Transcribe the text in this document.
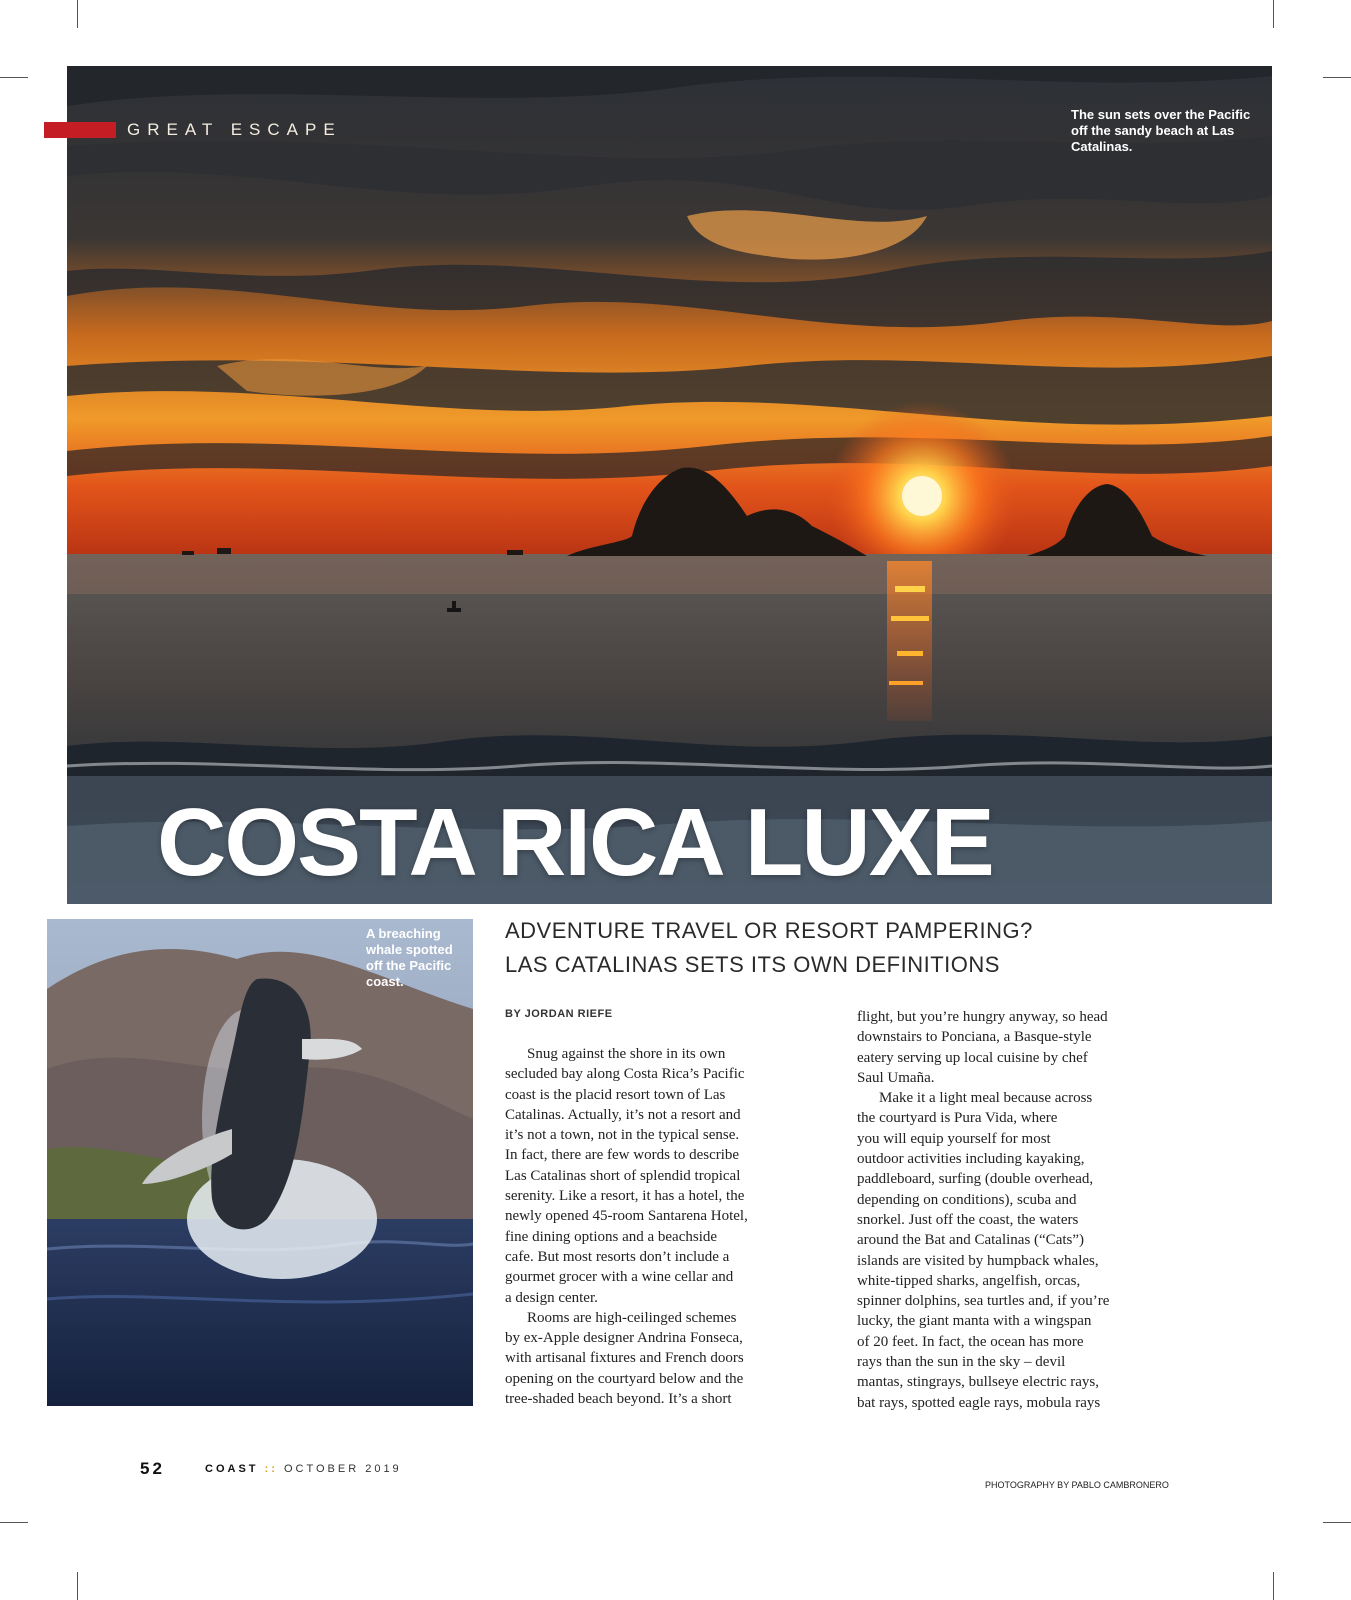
GREAT ESCAPE
The sun sets over the Pacific off the sandy beach at Las Catalinas.
COSTA RICA LUXE
A breaching whale spotted off the Pacific coast.
ADVENTURE TRAVEL OR RESORT PAMPERING?
LAS CATALINAS SETS ITS OWN DEFINITIONS
BY JORDAN RIEFE
Snug against the shore in its own
secluded bay along Costa Rica’s Pacific
coast is the placid resort town of Las
Catalinas. Actually, it’s not a resort and
it’s not a town, not in the typical sense.
In fact, there are few words to describe
Las Catalinas short of splendid tropical
serenity. Like a resort, it has a hotel, the
newly opened 45-room Santarena Hotel,
fine dining options and a beachside
cafe. But most resorts don’t include a
gourmet grocer with a wine cellar and
a design center.
Rooms are high-ceilinged schemes
by ex-Apple designer Andrina Fonseca,
with artisanal fixtures and French doors
opening on the courtyard below and the
tree-shaded beach beyond. It’s a short
flight, but you’re hungry anyway, so head
downstairs to Ponciana, a Basque-style
eatery serving up local cuisine by chef
Saul Umaña.
Make it a light meal because across
the courtyard is Pura Vida, where
you will equip yourself for most
outdoor activities including kayaking,
paddleboard, surfing (double overhead,
depending on conditions), scuba and
snorkel. Just off the coast, the waters
around the Bat and Catalinas (“Cats”)
islands are visited by humpback whales,
white-tipped sharks, angelfish, orcas,
spinner dolphins, sea turtles and, if you’re
lucky, the giant manta with a wingspan
of 20 feet. In fact, the ocean has more
rays than the sun in the sky – devil
mantas, stingrays, bullseye electric rays,
bat rays, spotted eagle rays, mobula rays
52	COAST :: OCTOBER 2019
PHOTOGRAPHY BY PABLO CAMBRONERO
